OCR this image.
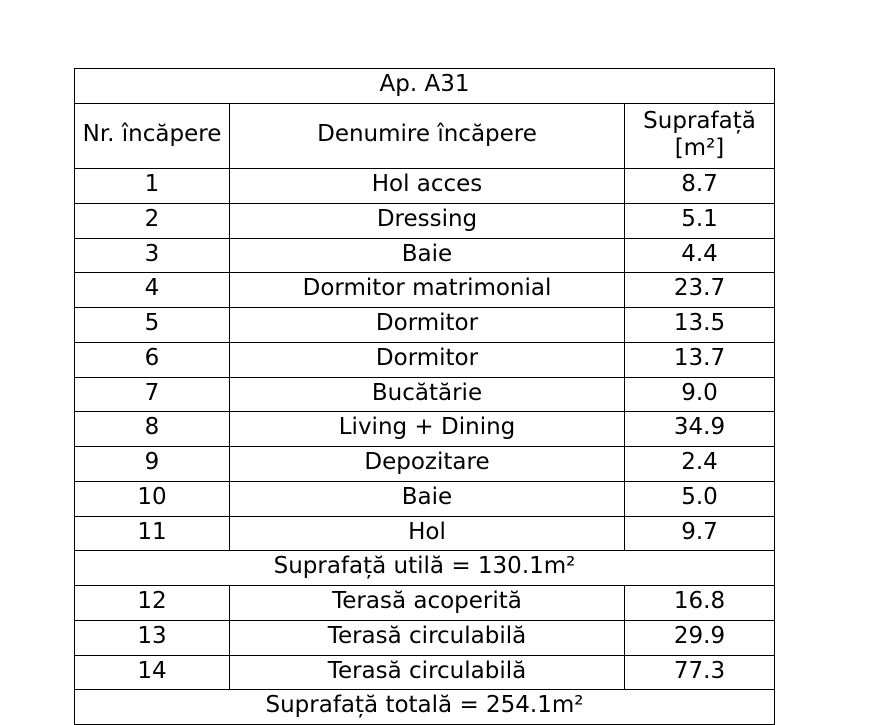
Ap. A31		
Nr. încăpere	Denumire încăpere	Suprafață
[m²]

1	Hol acces	8.7
2	Dressing	5.1
3	Baie	4.4
4	Dormitor matrimonial	23.7
5	Dormitor	13.5
6	Dormitor	13.7
7	Bucătărie	9.0
8	Living + Dining	34.9
9	Depozitare	2.4
10	Baie	5.0
11	Hol	9.7
Suprafață utilă = 130.1m²		
12	Terasă acoperită	16.8
13	Terasă circulabilă	29.9
14	Terasă circulabilă	77.3
Suprafață totală = 254.1m²		
